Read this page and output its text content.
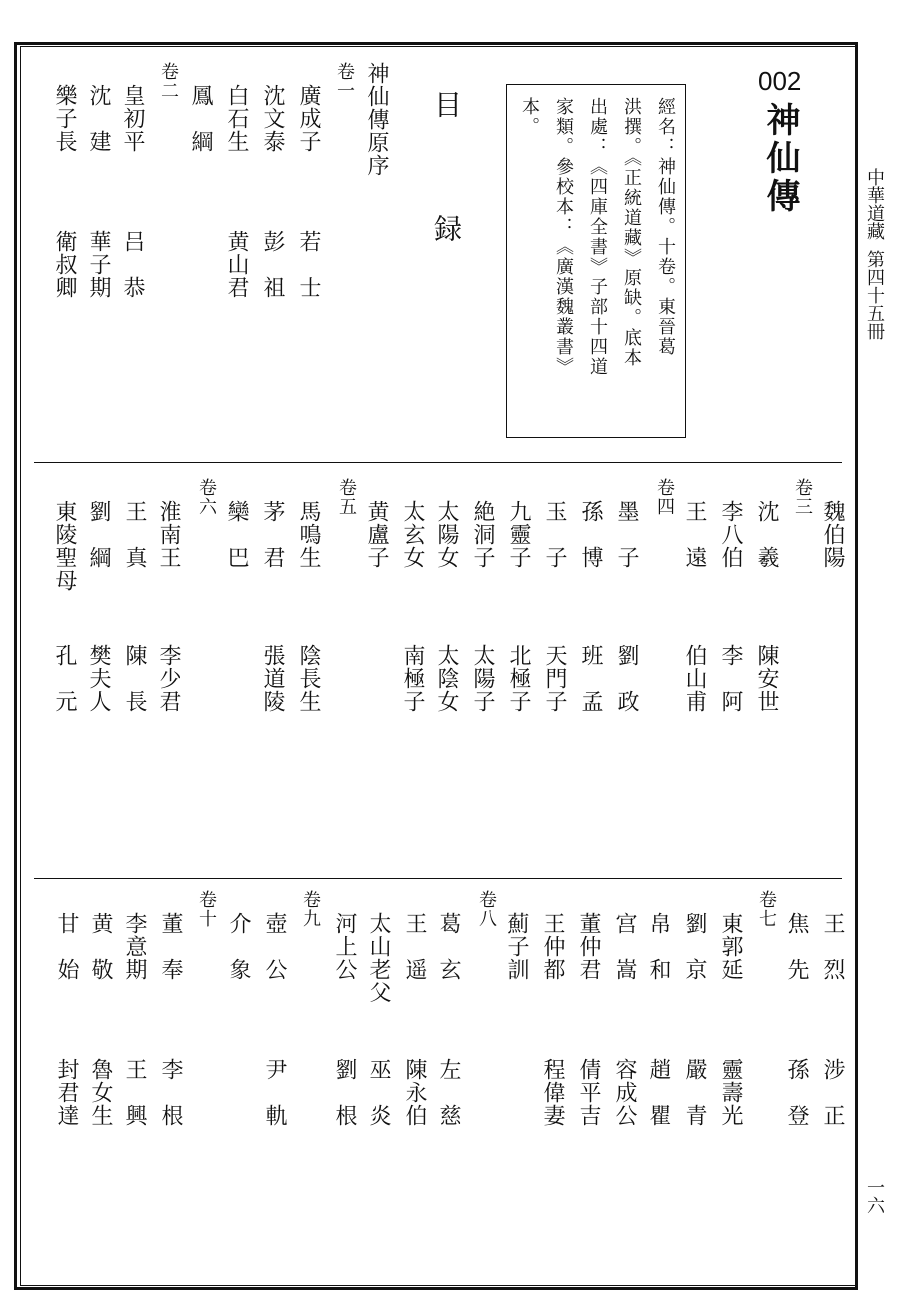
中華道藏
第四十五冊
一六
002
神仙傳
經名：神仙傳。十卷。東晉葛
洪撰。《正統道藏》原缺。底本
出處：《四庫全書》子部十四道
家類。參校本：《廣漢魏叢書》
本。
目　録
神仙傳原序
卷一
廣成子
若　士
沈文泰
彭　祖
白石生
黄山君
鳳　綱
卷二
皇初平
吕　恭
沈　建
華子期
樂子長
衛叔卿
魏伯陽
卷三
沈　羲
陳安世
李八伯
李　阿
王　遠
伯山甫
卷四
墨　子
劉　政
孫　博
班　孟
玉　子
天門子
九靈子
北極子
絶洞子
太陽子
太陽女
太陰女
太玄女
南極子
黄盧子
卷五
馬鳴生
陰長生
茅　君
張道陵
欒　巴
卷六
淮南王
李少君
王　真
陳　長
劉　綱
樊夫人
東陵聖母
孔　元
王　烈
涉　正
焦　先
孫　登
卷七
東郭延
靈壽光
劉　京
嚴　青
帛　和
趙　瞿
宫　嵩
容成公
董仲君
倩平吉
王仲都
程偉妻
薊子訓
卷八
葛　玄
左　慈
王　遥
陳永伯
太山老父
巫　炎
河上公
劉　根
卷九
壺　公
尹　軌
介　象
卷十
董　奉
李　根
李意期
王　興
黄　敬
魯女生
甘　始
封君達
